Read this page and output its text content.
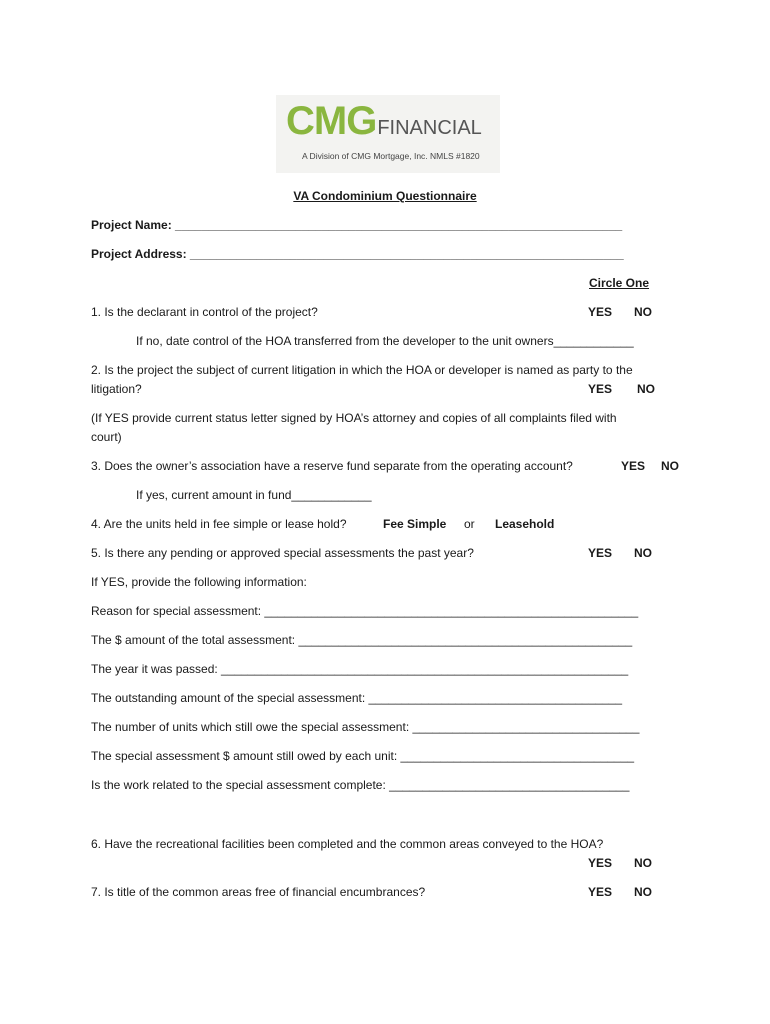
CMGFINANCIAL
A Division of CMG Mortgage, Inc. NMLS #1820
VA Condominium Questionnaire
Project Name: ___________________________________________________________________
Project Address: _________________________________________________________________
Circle One
1. Is the declarant in control of the project?	YES NO
If no, date control of the HOA transferred from the developer to the unit owners____________
2. Is the project the subject of current litigation in which the HOA or developer is named as party to the
litigation?	YES NO
(If YES provide current status letter signed by HOA’s attorney and copies of all complaints filed with
court)
3. Does the owner’s association have a reserve fund separate from the operating account?	YES NO
If yes, current amount in fund____________
4. Are the units held in fee simple or lease hold?	Fee Simple or Leasehold
5. Is there any pending or approved special assessments the past year?	YES NO
If YES, provide the following information:
Reason for special assessment: ________________________________________________________
The $ amount of the total assessment: __________________________________________________
The year it was passed: _____________________________________________________________
The outstanding amount of the special assessment: ______________________________________
The number of units which still owe the special assessment: __________________________________
The special assessment $ amount still owed by each unit: ___________________________________
Is the work related to the special assessment complete: ____________________________________
6. Have the recreational facilities been completed and the common areas conveyed to the HOA?
YES NO
7. Is title of the common areas free of financial encumbrances?	YES NO
